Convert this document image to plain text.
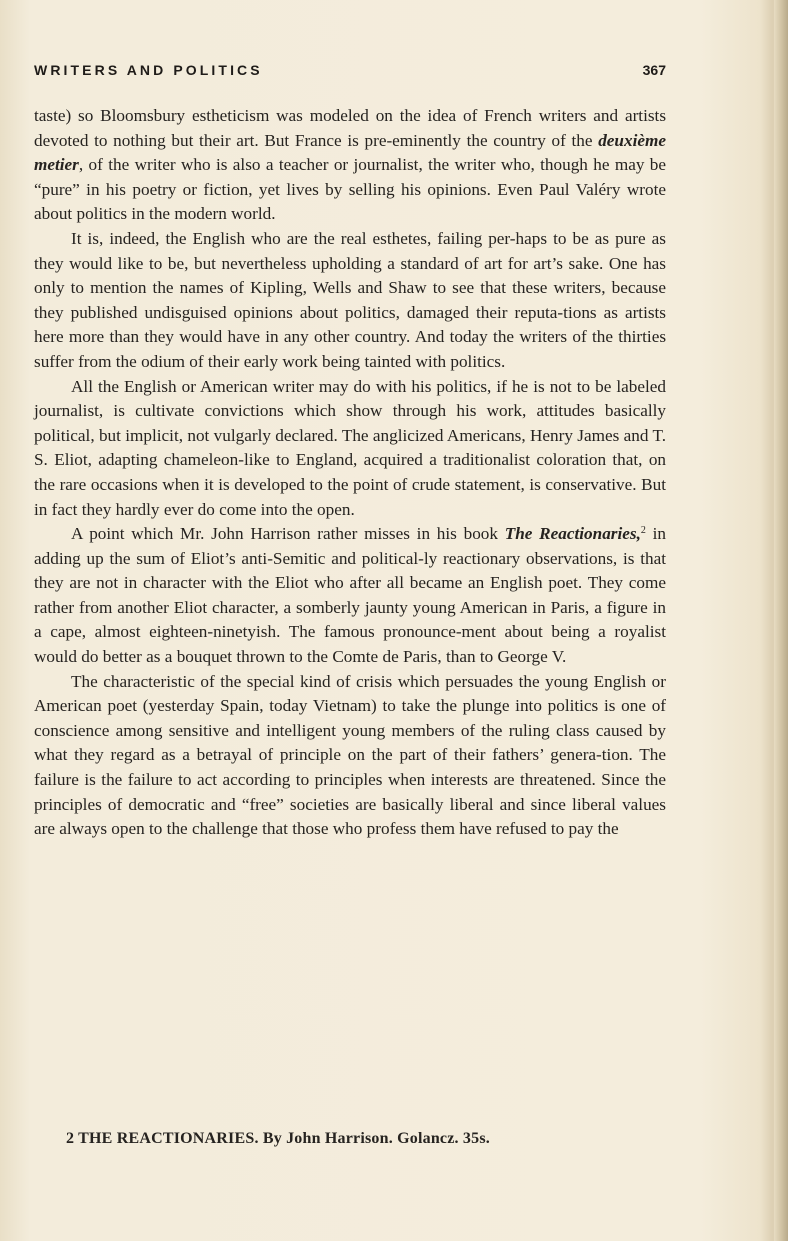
WRITERS AND POLITICS	367

taste) so Bloomsbury estheticism was modeled on the idea of French writers and artists devoted to nothing but their art. But France is pre-eminently the country of the deuxième metier, of the writer who is also a teacher or journalist, the writer who, though he may be “pure” in his poetry or fiction, yet lives by selling his opinions. Even Paul Valéry wrote about politics in the modern world.

It is, indeed, the English who are the real esthetes, failing per-haps to be as pure as they would like to be, but nevertheless upholding a standard of art for art’s sake. One has only to mention the names of Kipling, Wells and Shaw to see that these writers, because they published undisguised opinions about politics, damaged their reputa-tions as artists here more than they would have in any other country. And today the writers of the thirties suffer from the odium of their early work being tainted with politics.

All the English or American writer may do with his politics, if he is not to be labeled journalist, is cultivate convictions which show through his work, attitudes basically political, but implicit, not vulgarly declared. The anglicized Americans, Henry James and T. S. Eliot, adapting chameleon-like to England, acquired a traditionalist coloration that, on the rare occasions when it is developed to the point of crude statement, is conservative. But in fact they hardly ever do come into the open.

A point which Mr. John Harrison rather misses in his book The Reactionaries,$^2$ in adding up the sum of Eliot’s anti-Semitic and political-ly reactionary observations, is that they are not in character with the Eliot who after all became an English poet. They come rather from another Eliot character, a somberly jaunty young American in Paris, a figure in a cape, almost eighteen-ninetyish. The famous pronounce-ment about being a royalist would do better as a bouquet thrown to the Comte de Paris, than to George V.

The characteristic of the special kind of crisis which persuades the young English or American poet (yesterday Spain, today Vietnam) to take the plunge into politics is one of conscience among sensitive and intelligent young members of the ruling class caused by what they regard as a betrayal of principle on the part of their fathers’ genera-tion. The failure is the failure to act according to principles when interests are threatened. Since the principles of democratic and “free” societies are basically liberal and since liberal values are always open to the challenge that those who profess them have refused to pay the

2 THE REACTIONARIES. By John Harrison. Golancz. 35s.
